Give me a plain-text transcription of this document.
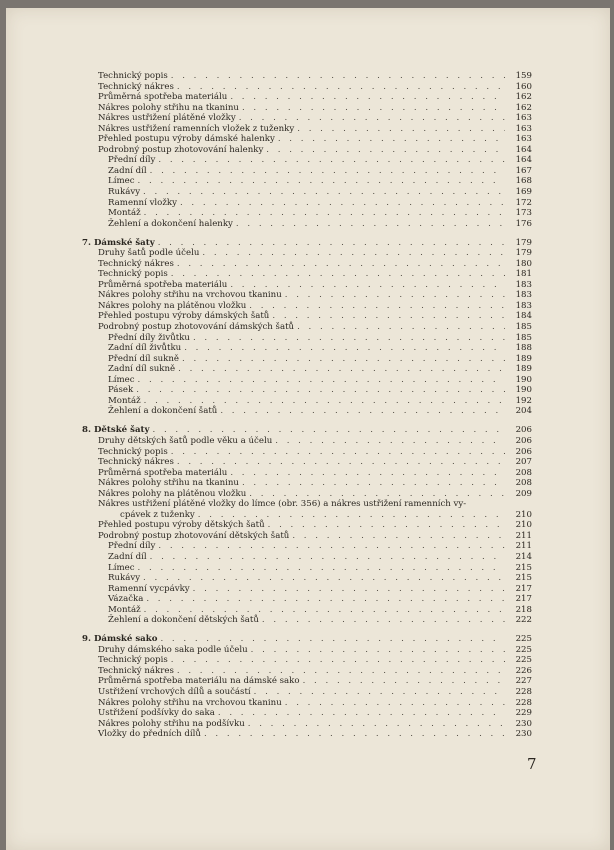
Technický popis . . .	159
Technický nákres . . .	160
Průměrná spotřeba materiálu . . .	162
Nákres polohy střihu na tkaninu . . .	162
Nákres ustřižení plátěné vložky . . .	163
Nákres ustřižení ramenních vložek z tuženky . . .	163
Přehled postupu výroby dámské halenky . . .	163
Podrobný postup zhotovování halenky . . .	164
Přední díly . . .	164
Zadní díl . . .	167
Límec . . .	168
Rukávy . . .	169
Ramenní vložky . . .	172
Montáž . . .	173
Žehlení a dokončení halenky . . .	176
7. Dámské šaty . . .	179
Druhy šatů podle účelu . . .	179
Technický nákres . . .	180
Technický popis . . .	181
Průměrná spotřeba materiálu . . .	183
Nákres polohy střihu na vrchovou tkaninu . . .	183
Nákres polohy na plátěnou vložku . . .	183
Přehled postupu výroby dámských šatů . . .	184
Podrobný postup zhotovování dámských šatů . . .	185
Přední díly živůtku . . .	185
Zadní díl živůtku . . .	188
Přední díl sukně . . .	189
Zadní díl sukně . . .	189
Límec . . .	190
Pásek . . .	190
Montáž . . .	192
Žehlení a dokončení šatů . . .	204
8. Dětské šaty . . .	206
Druhy dětských šatů podle věku a účelu . . .	206
Technický popis . . .	206
Technický nákres . . .	207
Průměrná spotřeba materiálu . . .	208
Nákres polohy střihu na tkaninu . . .	208
Nákres polohy na plátěnou vložku . . .	209
Nákres ustřižení plátěné vložky do límce (obr. 356) a nákres ustřižení ramenních vy-
cpávek z tuženky . . .	210
Přehled postupu výroby dětských šatů . . .	210
Podrobný postup zhotovování dětských šatů . . .	211
Přední díly . . .	211
Zadní díl . . .	214
Límec . . .	215
Rukávy . . .	215
Ramenní vycpávky . . .	217
Vázačka . . .	217
Montáž . . .	218
Žehlení a dokončení dětských šatů . . .	222
9. Dámské sako . . .	225
Druhy dámského saka podle účelu . . .	225
Technický popis . . .	225
Technický nákres . . .	226
Průměrná spotřeba materiálu na dámské sako . . .	227
Ustřižení vrchových dílů a součástí . . .	228
Nákres polohy střihu na vrchovou tkaninu . . .	228
Ustřižení podšívky do saka . . .	229
Nákres polohy střihu na podšívku . . .	230
Vložky do předních dílů . . .	230
7
